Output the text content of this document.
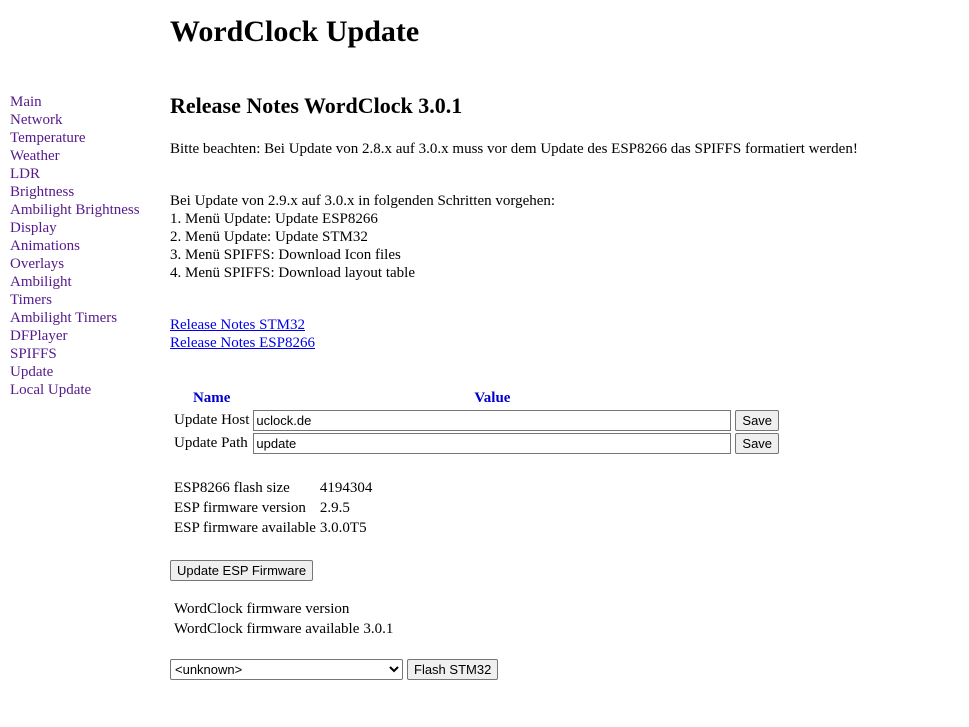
WordClock Update
Main
Network
Temperature
Weather
LDR
Brightness
Ambilight Brightness
Display
Animations
Overlays
Ambilight
Timers
Ambilight Timers
DFPlayer
SPIFFS
Update
Local Update
Release Notes WordClock 3.0.1
Bitte beachten: Bei Update von 2.8.x auf 3.0.x muss vor dem Update des ESP8266 das SPIFFS formatiert werden!
Bei Update von 2.9.x auf 3.0.x in folgenden Schritten vorgehen:
1. Menü Update: Update ESP8266
2. Menü Update: Update STM32
3. Menü SPIFFS: Download Icon files
4. Menü SPIFFS: Download layout table
Release Notes STM32
Release Notes ESP8266
Name	Value	
Update Host	uclock.de	Save
Update Path	update	Save
ESP8266 flash size	4194304
ESP firmware version	2.9.5
ESP firmware available	3.0.0T5
Update ESP Firmware
WordClock firmware version	
WordClock firmware available	3.0.1
<unknown>
Flash STM32
